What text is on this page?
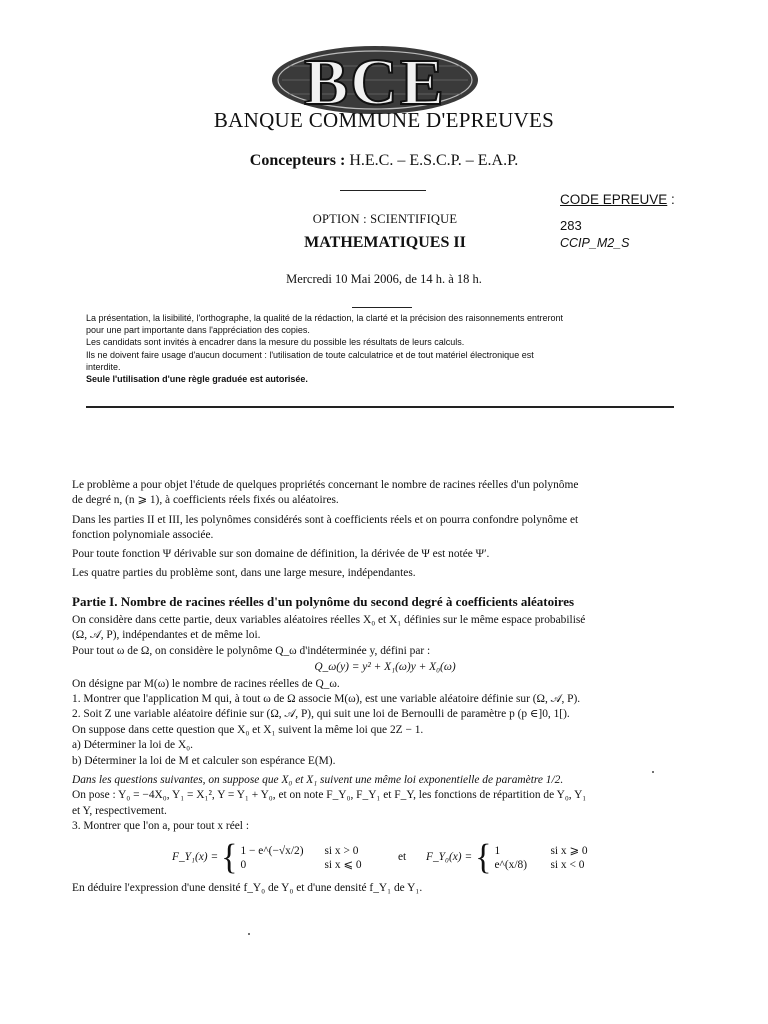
BCE
BANQUE COMMUNE D'EPREUVES
Concepteurs : H.E.C. – E.S.C.P. – E.A.P.
OPTION : SCIENTIFIQUE
MATHEMATIQUES II
Mercredi 10 Mai 2006, de 14 h. à 18 h.
CODE EPREUVE :
283
CCIP_M2_S

La présentation, la lisibilité, l'orthographe, la qualité de la rédaction, la clarté et la précision des raisonnements entreront

pour une part importante dans l'appréciation des copies.

Les candidats sont invités à encadrer dans la mesure du possible les résultats de leurs calculs.

Ils ne doivent faire usage d'aucun document : l'utilisation de toute calculatrice et de tout matériel électronique est

interdite.

Seule l'utilisation d'une règle graduée est autorisée.

Le problème a pour objet l'étude de quelques propriétés concernant le nombre de racines réelles d'un polynôme

de degré n, (n ⩾ 1), à coefficients réels fixés ou aléatoires.

Dans les parties II et III, les polynômes considérés sont à coefficients réels et on pourra confondre polynôme et

fonction polynomiale associée.

Pour toute fonction Ψ dérivable sur son domaine de définition, la dérivée de Ψ est notée Ψ′.

Les quatre parties du problème sont, dans une large mesure, indépendantes.

Partie I. Nombre de racines réelles d'un polynôme du second degré à coefficients aléatoires

On considère dans cette partie, deux variables aléatoires réelles X₀ et X₁ définies sur le même espace probabilisé

(Ω, 𝒜, P), indépendantes et de même loi.

Pour tout ω de Ω, on considère le polynôme Q_ω d'indéterminée y, défini par :

Q_ω(y) = y² + X₁(ω)y + X₀(ω)

On désigne par M(ω) le nombre de racines réelles de Q_ω.

1. Montrer que l'application M qui, à tout ω de Ω associe M(ω), est une variable aléatoire définie sur (Ω, 𝒜, P).

2. Soit Z une variable aléatoire définie sur (Ω, 𝒜, P), qui suit une loi de Bernoulli de paramètre p (p ∈]0, 1[).

On suppose dans cette question que X₀ et X₁ suivent la même loi que 2Z − 1.

a) Déterminer la loi de X₀.

b) Déterminer la loi de M et calculer son espérance E(M).

Dans les questions suivantes, on suppose que X₀ et X₁ suivent une même loi exponentielle de paramètre 1/2.

On pose : Y₀ = −4X₀, Y₁ = X₁², Y = Y₁ + Y₀, et on note F_Y₀, F_Y₁ et F_Y, les fonctions de répartition de Y₀, Y₁

et Y, respectivement.

3. Montrer que l'on a, pour tout x réel :

F_Y₁(x) = { 1 − e^(−√x/2)	si x > 0
0	si x ⩽ 0
et F_Y₀(x) = { 1	si x ⩾ 0
e^(x/8)	si x < 0

En déduire l'expression d'une densité f_Y₀ de Y₀ et d'une densité f_Y₁ de Y₁.
